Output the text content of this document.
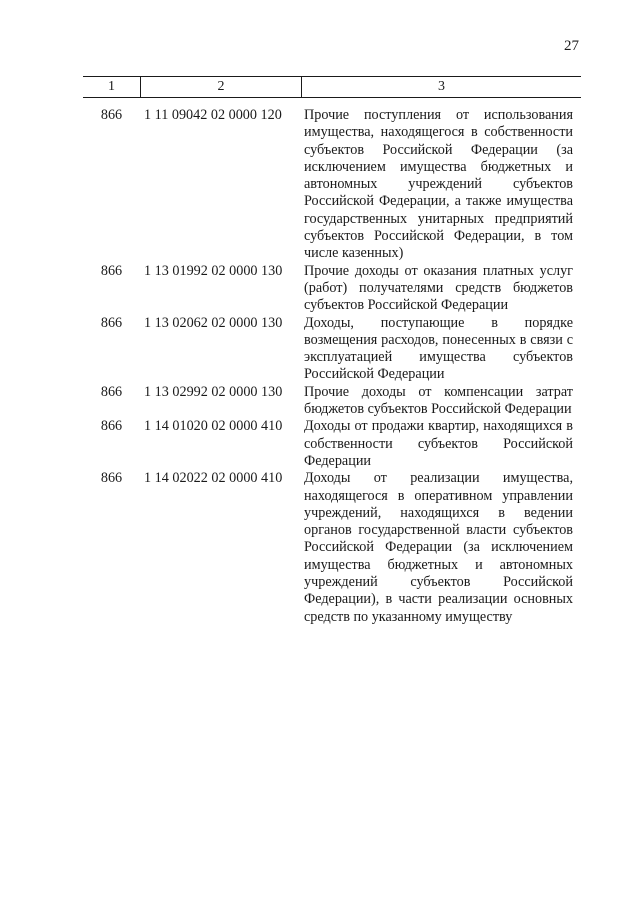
27
1	2	3
866	1 11 09042 02 0000 120	Прочие поступления от использования имущества, находящегося в собственности субъектов Российской Федерации (за исключением имущества бюджетных и автономных учреждений субъектов Российской Федерации, а также имущества государственных унитарных предприятий субъектов Российской Федерации, в том числе казенных)
866	1 13 01992 02 0000 130	Прочие доходы от оказания платных услуг (работ) получателями средств бюджетов субъектов Российской Федерации
866	1 13 02062 02 0000 130	Доходы, поступающие в порядке возмещения расходов, понесенных в связи с эксплуатацией имущества субъектов Российской Федерации
866	1 13 02992 02 0000 130	Прочие доходы от компенсации затрат бюджетов субъектов Российской Федерации
866	1 14 01020 02 0000 410	Доходы от продажи квартир, находящихся в собственности субъектов Российской Федерации
866	1 14 02022 02 0000 410	Доходы от реализации имущества, находящегося в оперативном управлении учреждений, находящихся в ведении органов государственной власти субъектов Российской Федерации (за исключением имущества бюджетных и автономных учреждений субъектов Российской Федерации), в части реализации основных средств по указанному имуществу
